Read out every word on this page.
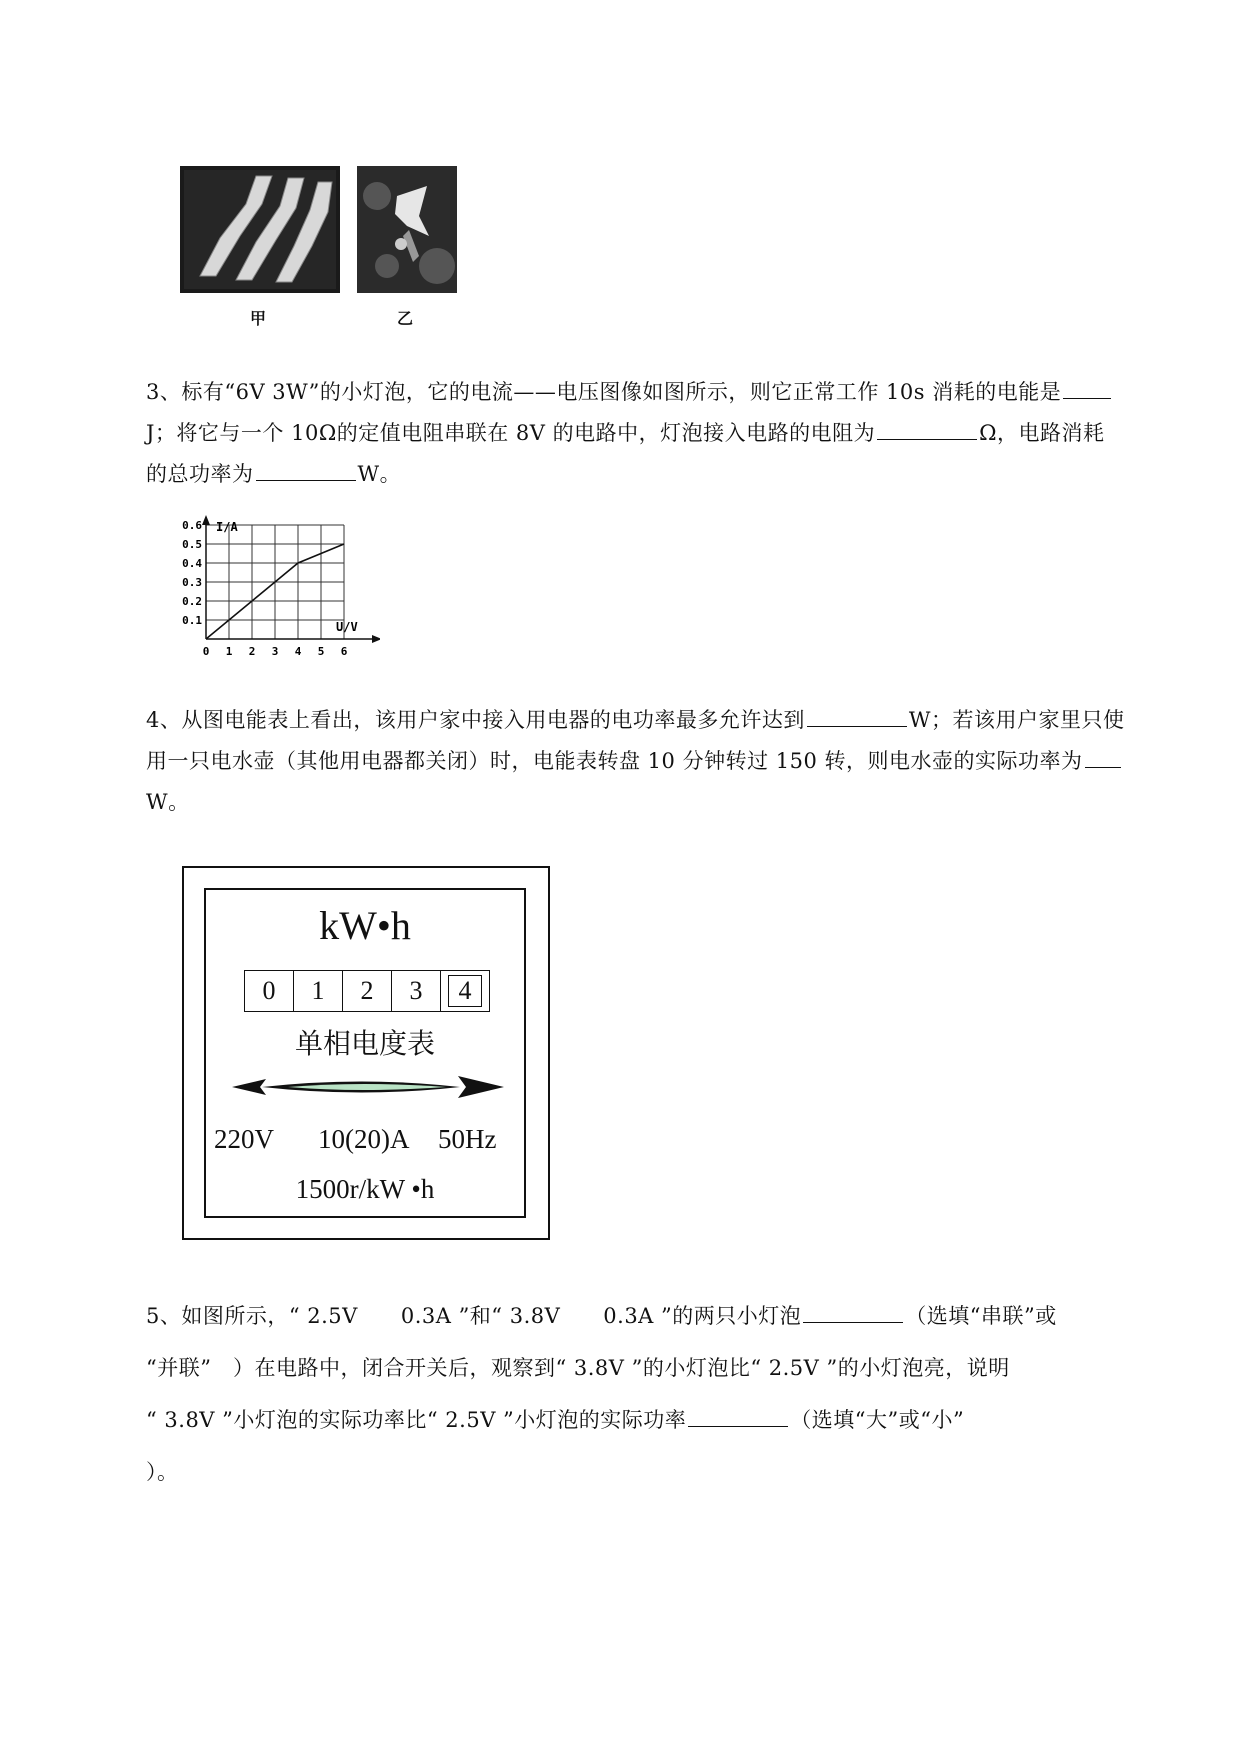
甲	乙
3、标有“6V 3W”的小灯泡，它的电流——电压图像如图所示，则它正常工作 10s 消耗的电能是
J；将它与一个 10Ω的定值电阻串联在 8V 的电路中，灯泡接入电路的电阻为	Ω，电路消耗
的总功率为	W。
I/A
U/V
0.6
0.5
0.4
0.3
0.2
0.1
0 1 2 3 4 5 6
4、从图电能表上看出，该用户家中接入用电器的电功率最多允许达到	W；若该用户家里只使
用一只电水壶（其他用电器都关闭）时，电能表转盘 10 分钟转过 150 转，则电水壶的实际功率为
W。
kW•h
0	1	2	3	4
单相电度表
220V 10(20)A 50Hz
1500r/kW •h
5、如图所示，“ 2.5V　　0.3A ”和“ 3.8V　　0.3A ”的两只小灯泡	（选填“串联”或
“并联”　）在电路中，闭合开关后，观察到“ 3.8V ”的小灯泡比“ 2.5V ”的小灯泡亮，说明
“ 3.8V ”小灯泡的实际功率比“ 2.5V ”小灯泡的实际功率	（选填“大”或“小”
）。
